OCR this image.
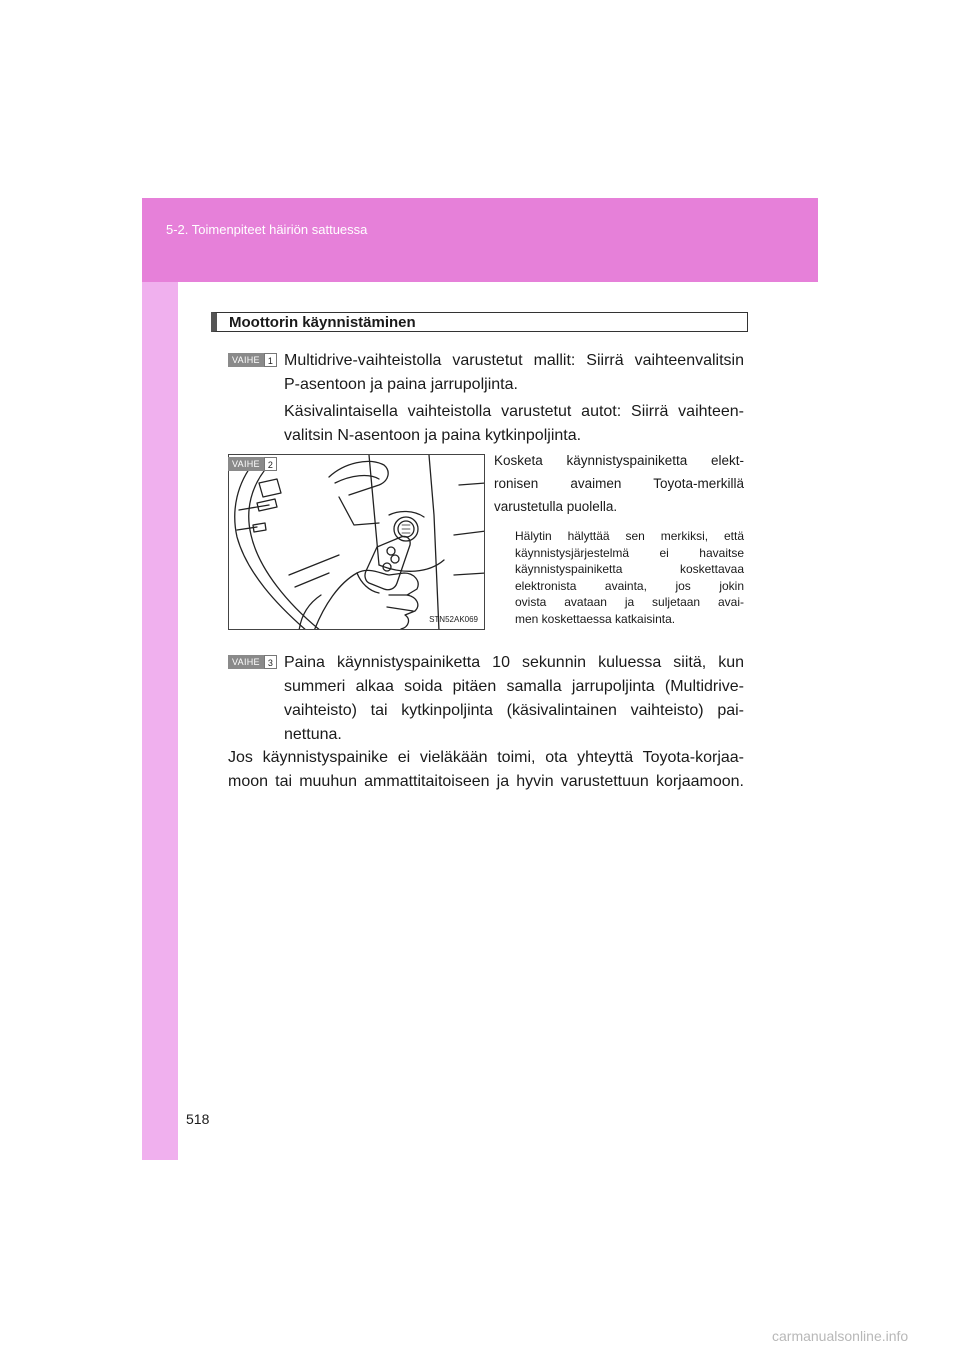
5-2. Toimenpiteet häiriön sattuessa
518
Moottorin käynnistäminen
VAIHE 1 Multidrive-vaihteistolla varustetut mallit: Siirrä vaihteenvalitsin
P-asentoon ja paina jarrupoljinta.
Käsivalintaisella vaihteistolla varustetut autot: Siirrä vaihteen-
valitsin N-asentoon ja paina kytkinpoljinta.
STN52AK069
VAIHE 2	Kosketa käynnistyspainiketta elekt-
ronisen avaimen Toyota-merkillä
varustetulla puolella.
Hälytin hälyttää sen merkiksi, että
käynnistysjärjestelmä ei havaitse
käynnistyspainiketta koskettavaa
elektronista avainta, jos jokin
ovista avataan ja suljetaan avai-
men koskettaessa katkaisinta.
VAIHE 3 Paina käynnistyspainiketta 10 sekunnin kuluessa siitä, kun
summeri alkaa soida pitäen samalla jarrupoljinta (Multidrive-
vaihteisto) tai kytkinpoljinta (käsivalintainen vaihteisto) pai-
nettuna.
Jos käynnistyspainike ei vieläkään toimi, ota yhteyttä Toyota-korjaa-
moon tai muuhun ammattitaitoiseen ja hyvin varustettuun korjaamoon.
carmanualsonline.info
